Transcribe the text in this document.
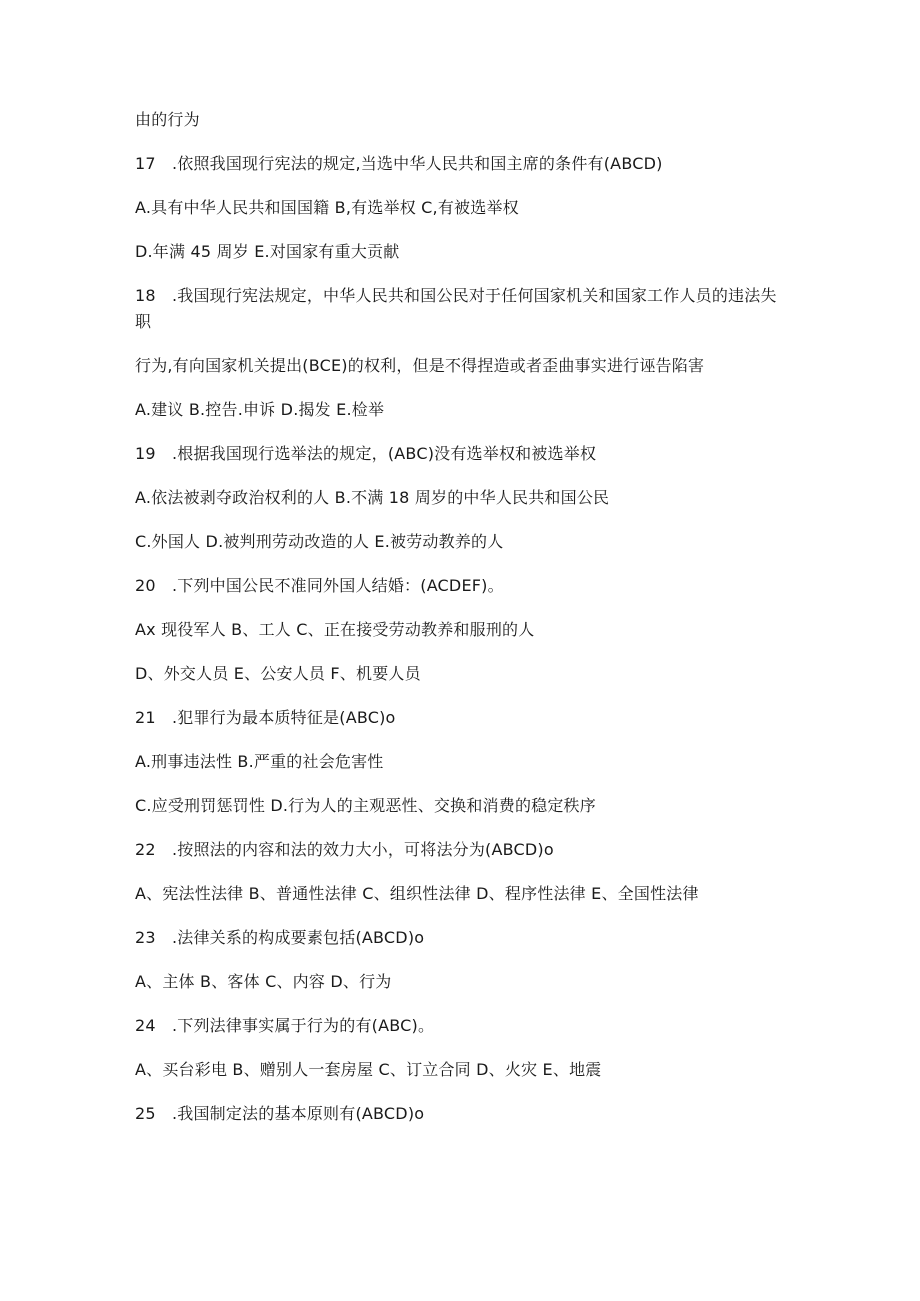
由的行为
17　.依照我国现行宪法的规定,当选中华人民共和国主席的条件有(ABCD)
A.具有中华人民共和国国籍 B,有选举权 C,有被选举权
D.年满 45 周岁 E.对国家有重大贡献
18　.我国现行宪法规定，中华人民共和国公民对于任何国家机关和国家工作人员的违法失
职
行为,有向国家机关提出(BCE)的权利，但是不得捏造或者歪曲事实进行诬告陷害
A.建议 B.控告.申诉 D.揭发 E.检举
19　.根据我国现行选举法的规定，(ABC)没有选举权和被选举权
A.依法被剥夺政治权利的人 B.不满 18 周岁的中华人民共和国公民
C.外国人 D.被判刑劳动改造的人 E.被劳动教养的人
20　.下列中国公民不准同外国人结婚：(ACDEF)。
Ax 现役军人 B、工人 C、正在接受劳动教养和服刑的人
D、外交人员 E、公安人员 F、机要人员
21　.犯罪行为最本质特征是(ABC)o
A.刑事违法性 B.严重的社会危害性
C.应受刑罚惩罚性 D.行为人的主观恶性、交换和消费的稳定秩序
22　.按照法的内容和法的效力大小，可将法分为(ABCD)o
A、宪法性法律 B、普通性法律 C、组织性法律 D、程序性法律 E、全国性法律
23　.法律关系的构成要素包括(ABCD)o
A、主体 B、客体 C、内容 D、行为
24　.下列法律事实属于行为的有(ABC)。
A、买台彩电 B、赠别人一套房屋 C、订立合同 D、火灾 E、地震
25　.我国制定法的基本原则有(ABCD)o
